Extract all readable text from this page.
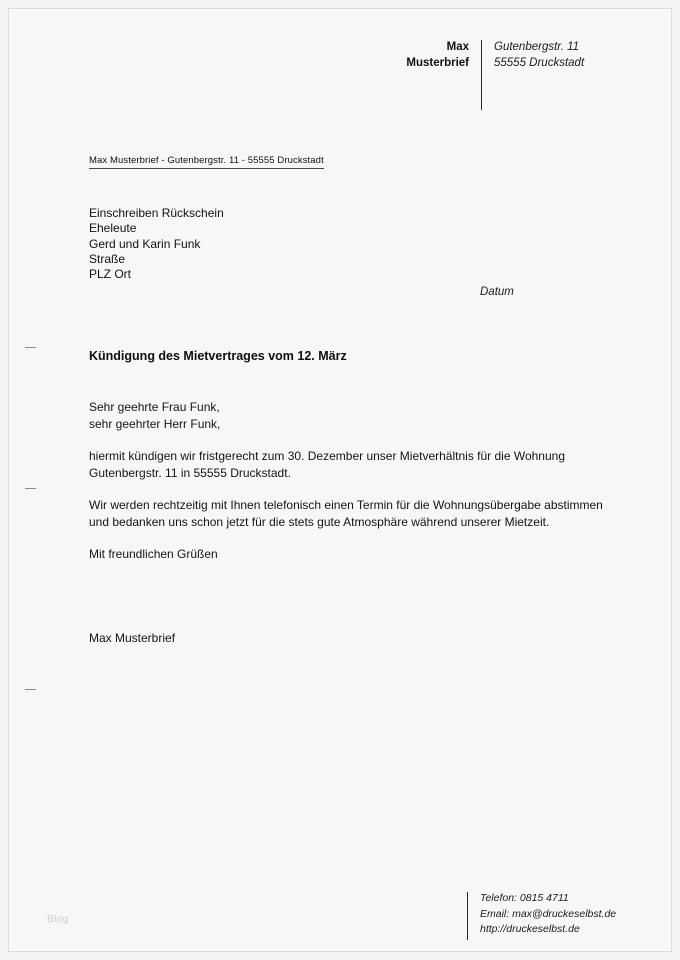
Max
Musterbrief
Gutenbergstr. 11
55555 Druckstadt
Max Musterbrief - Gutenbergstr. 11 - 55555 Druckstadt
Einschreiben Rückschein
Eheleute
Gerd und Karin Funk
Straße
PLZ Ort
Datum
Kündigung des Mietvertrages vom 12. März

Sehr geehrte Frau Funk,
sehr geehrter Herr Funk,

hiermit kündigen wir fristgerecht zum 30. Dezember unser Mietverhältnis für die Wohnung Gutenbergstr. 11 in 55555 Druckstadt.

Wir werden rechtzeitig mit Ihnen telefonisch einen Termin für die Wohnungsübergabe abstimmen und bedanken uns schon jetzt für die stets gute Atmosphäre während unserer Mietzeit.

Mit freundlichen Grüßen

Max Musterbrief
Telefon: 0815 4711
Email: max@druckeselbst.de
http://druckeselbst.de
Blog
